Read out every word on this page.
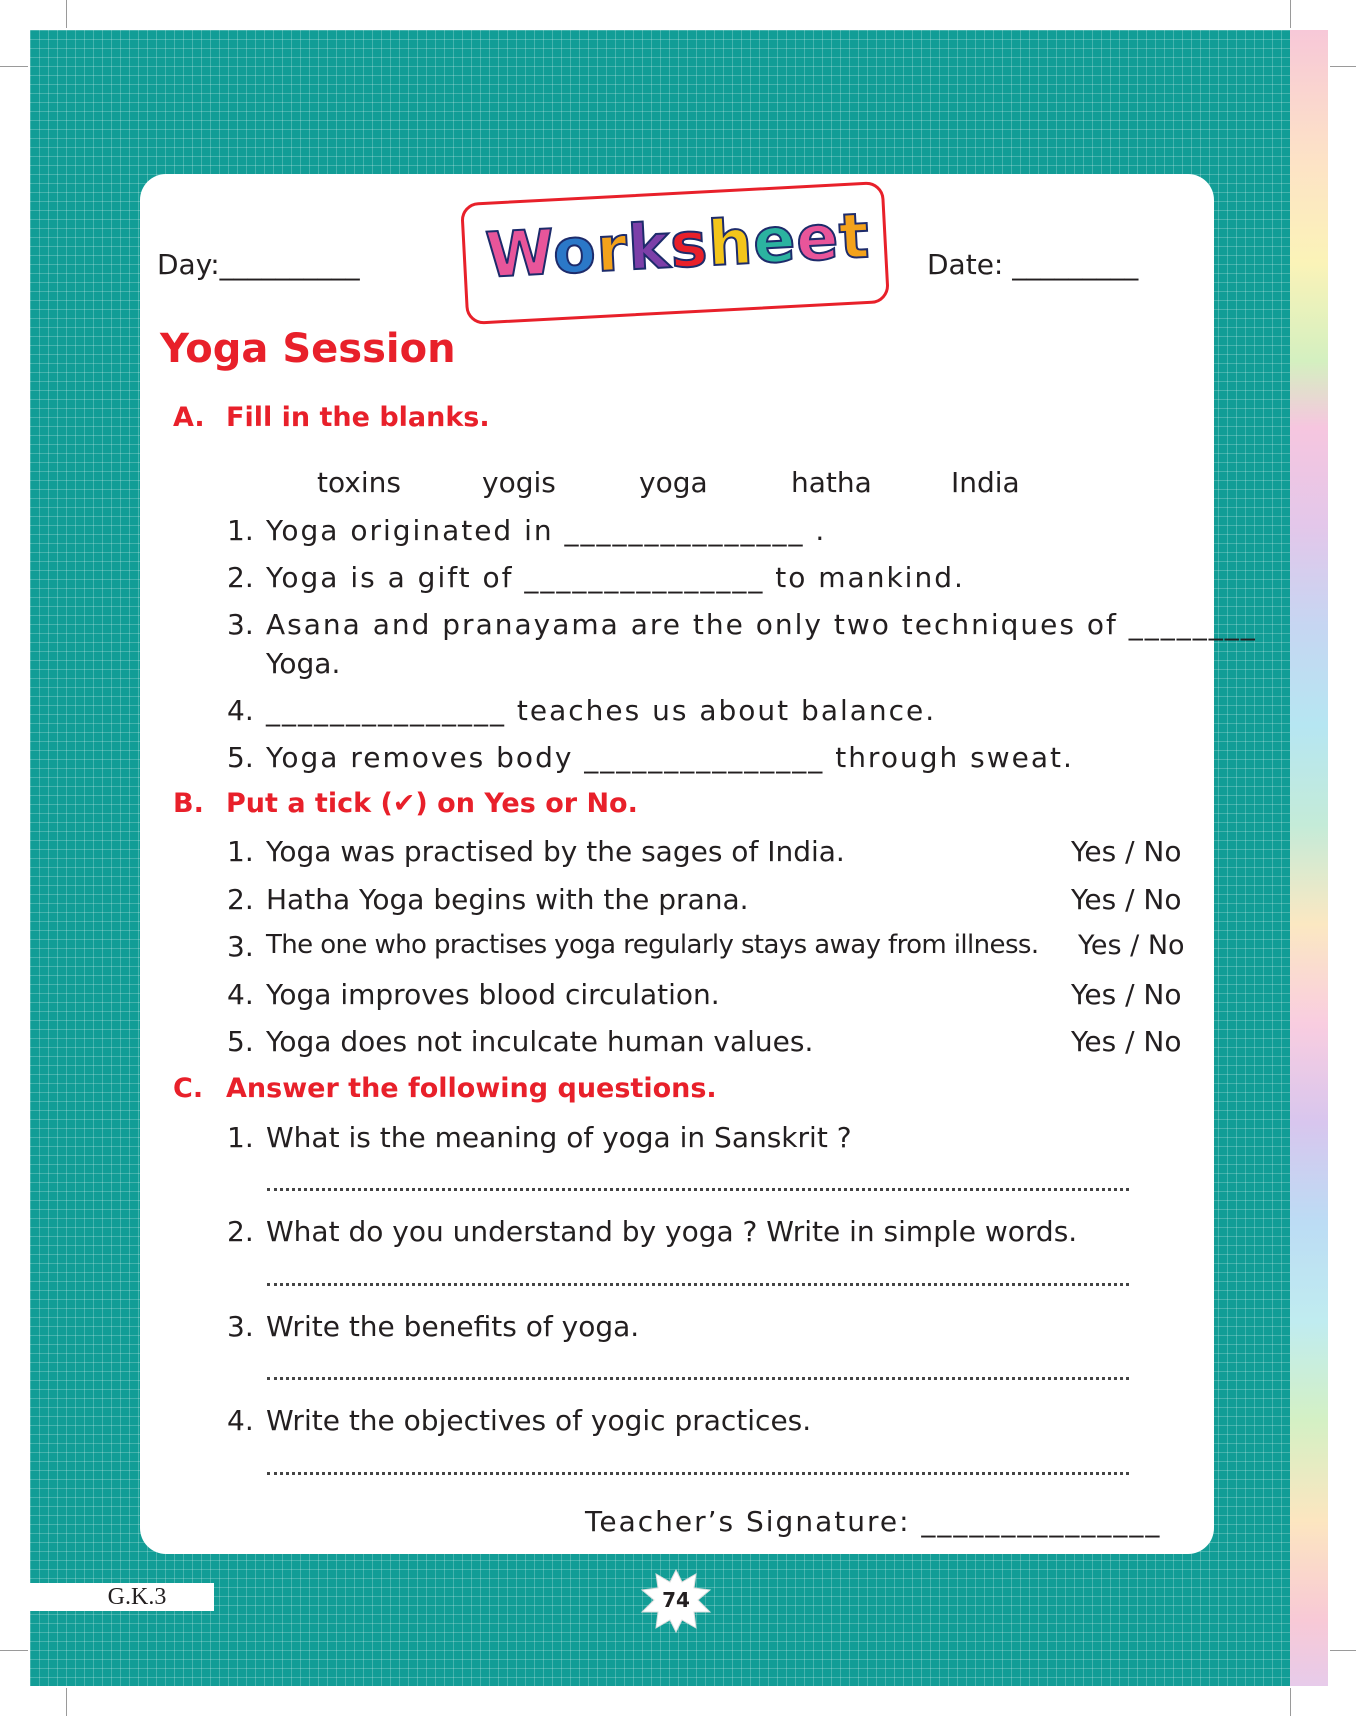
Day:__________ Worksheet Date: _________
Yoga Session
A. Fill in the blanks.
toxins	yogis	yoga	hatha	India
1. Yoga originated in _______________ .
2. Yoga is a gift of _______________ to mankind.
3. Asana and pranayama are the only two techniques of ________
Yoga.
4. _______________ teaches us about balance.
5. Yoga removes body _______________ through sweat.
B. Put a tick (✔) on Yes or No.
1. Yoga was practised by the sages of India.	Yes / No
2. Hatha Yoga begins with the prana.	Yes / No
3. The one who practises yoga regularly stays away from illness. Yes / No
4. Yoga improves blood circulation.	Yes / No
5. Yoga does not inculcate human values.	Yes / No
C. Answer the following questions.
1. What is the meaning of yoga in Sanskrit ?
2. What do you understand by yoga ? Write in simple words.
3. Write the benefits of yoga.
4. Write the objectives of yogic practices.
Teacher’s Signature: _______________
G.K.3	74
